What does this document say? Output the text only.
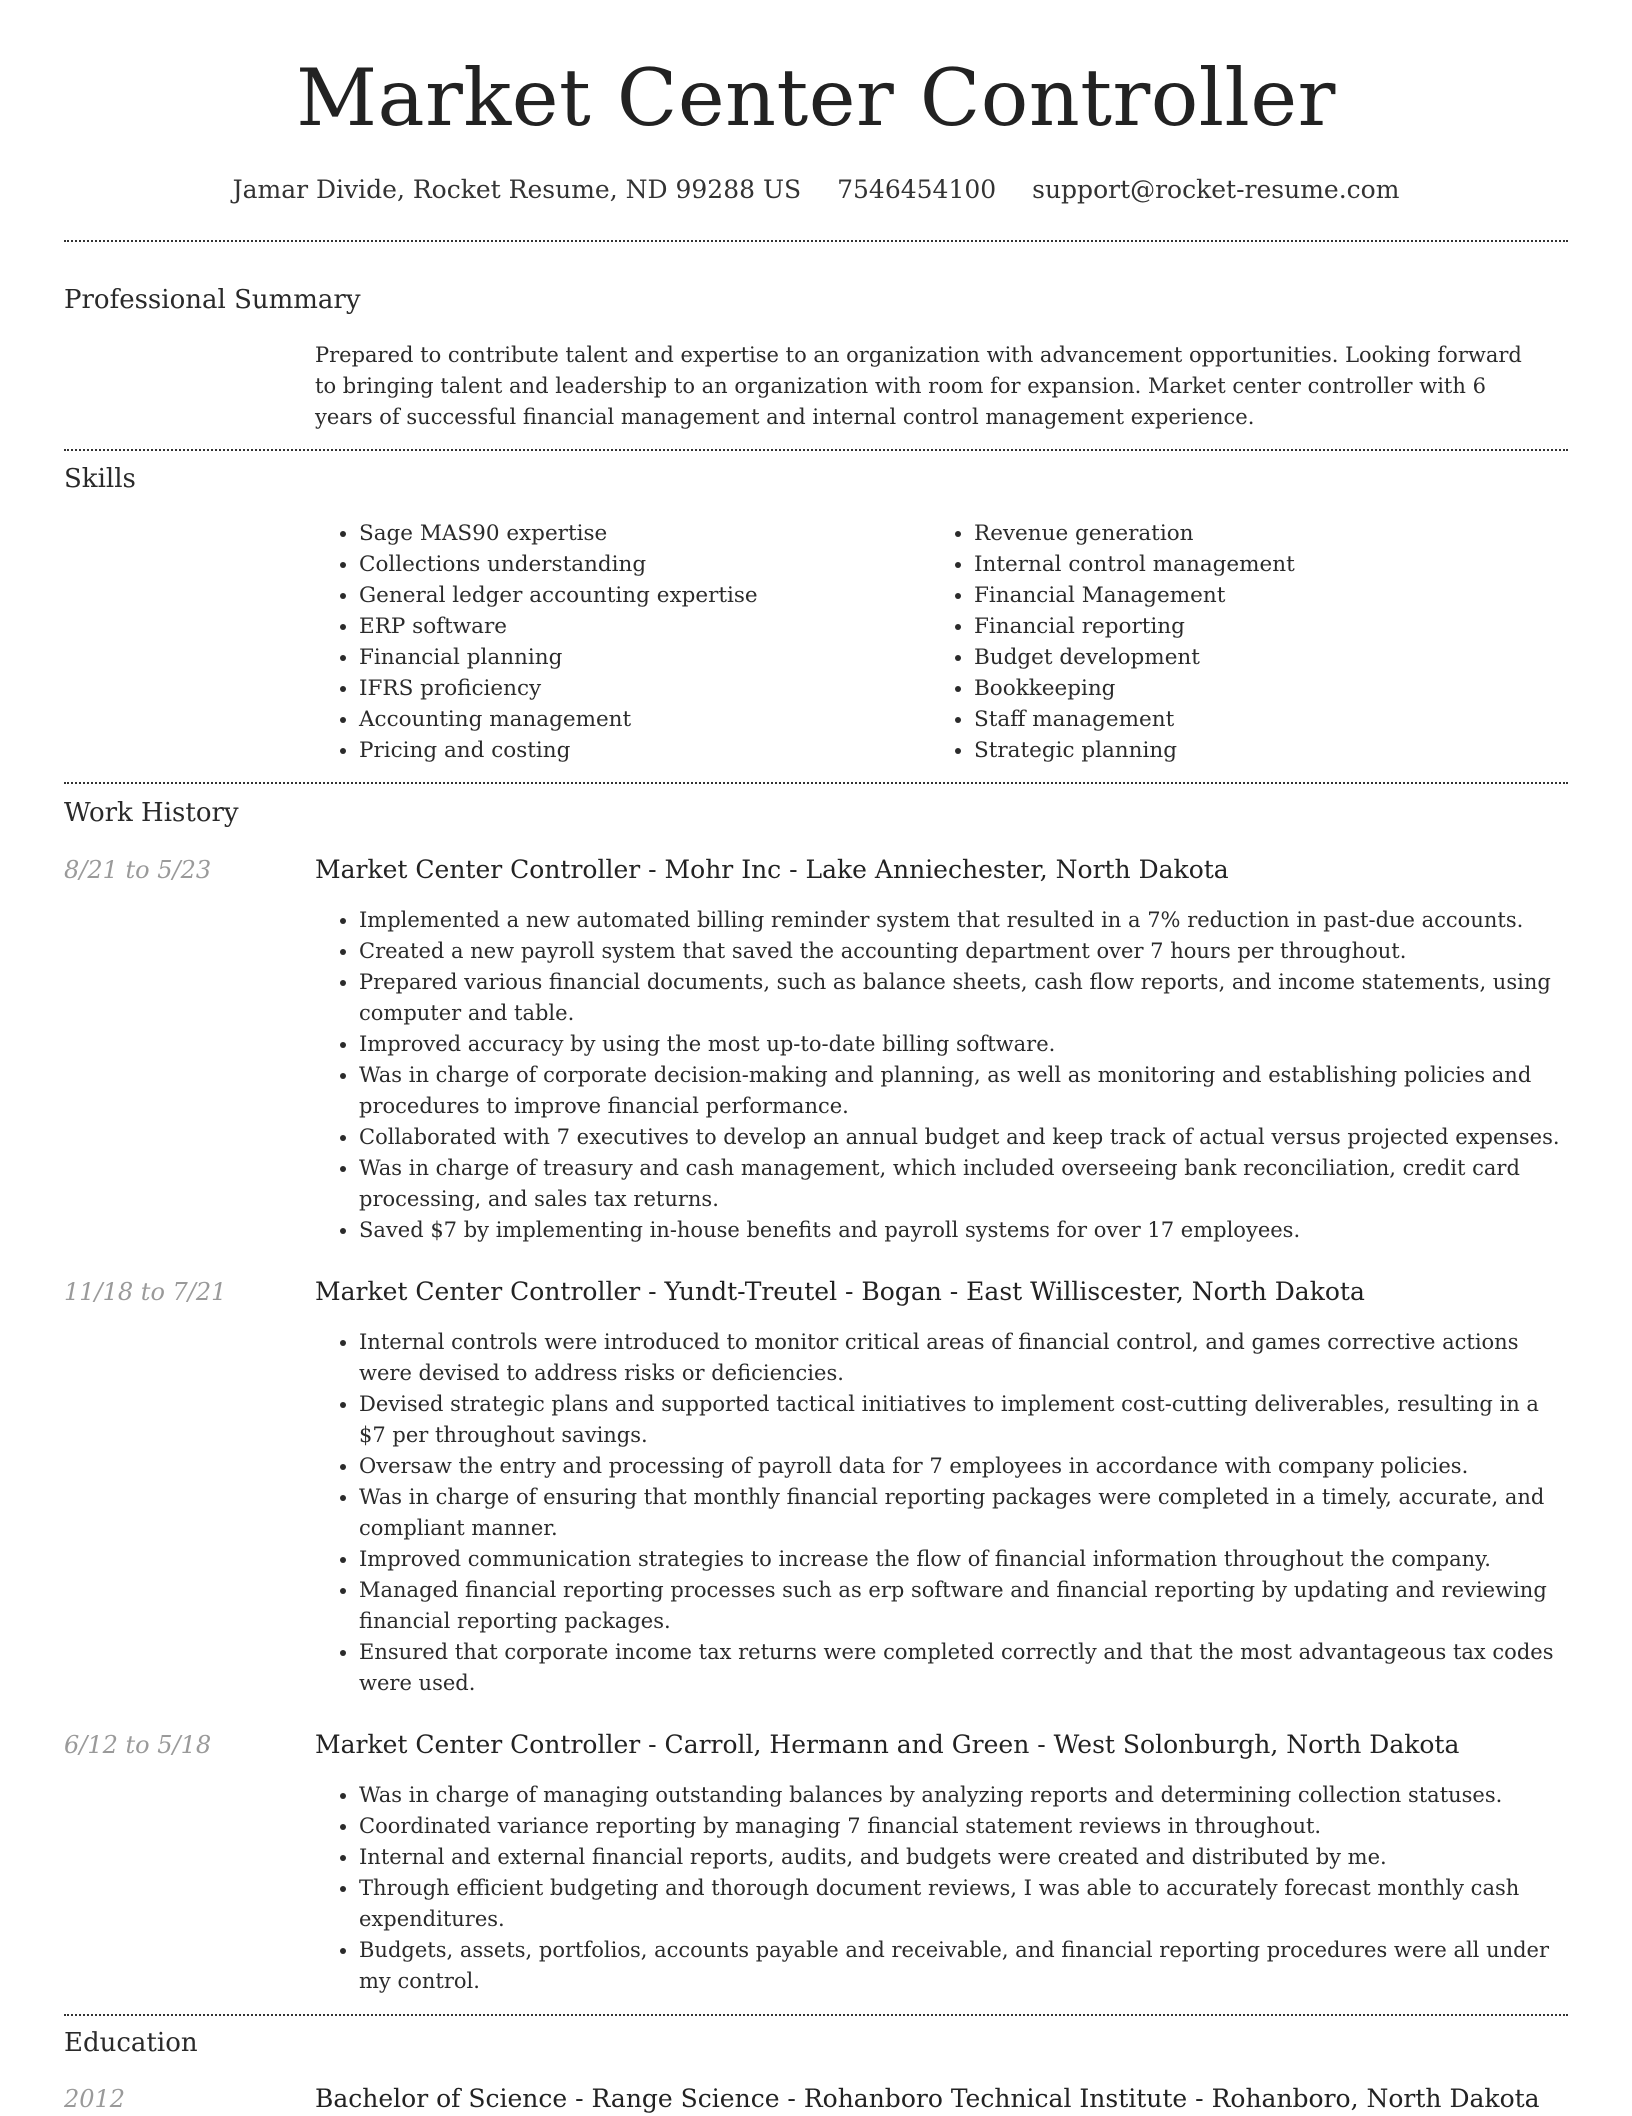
Market Center Controller
Jamar Divide, Rocket Resume, ND 99288 US 7546454100 support@rocket-resume.com
Professional Summary
Prepared to contribute talent and expertise to an organization with advancement opportunities. Looking forward to bringing talent and leadership to an organization with room for expansion. Market center controller with 6 years of successful financial management and internal control management experience.
Skills
• Sage MAS90 expertise
• Collections understanding
• General ledger accounting expertise
• ERP software
• Financial planning
• IFRS proficiency
• Accounting management
• Pricing and costing
• Revenue generation
• Internal control management
• Financial Management
• Financial reporting
• Budget development
• Bookkeeping
• Staff management
• Strategic planning
Work History
8/21 to 5/23	Market Center Controller - Mohr Inc - Lake Anniechester, North Dakota
• Implemented a new automated billing reminder system that resulted in a 7% reduction in past-due accounts.
• Created a new payroll system that saved the accounting department over 7 hours per throughout.
• Prepared various financial documents, such as balance sheets, cash flow reports, and income statements, using computer and table.
• Improved accuracy by using the most up-to-date billing software.
• Was in charge of corporate decision-making and planning, as well as monitoring and establishing policies and procedures to improve financial performance.
• Collaborated with 7 executives to develop an annual budget and keep track of actual versus projected expenses.
• Was in charge of treasury and cash management, which included overseeing bank reconciliation, credit card processing, and sales tax returns.
• Saved $7 by implementing in-house benefits and payroll systems for over 17 employees.
11/18 to 7/21	Market Center Controller - Yundt-Treutel - Bogan - East Williscester, North Dakota
• Internal controls were introduced to monitor critical areas of financial control, and games corrective actions were devised to address risks or deficiencies.
• Devised strategic plans and supported tactical initiatives to implement cost-cutting deliverables, resulting in a $7 per throughout savings.
• Oversaw the entry and processing of payroll data for 7 employees in accordance with company policies.
• Was in charge of ensuring that monthly financial reporting packages were completed in a timely, accurate, and compliant manner.
• Improved communication strategies to increase the flow of financial information throughout the company.
• Managed financial reporting processes such as erp software and financial reporting by updating and reviewing financial reporting packages.
• Ensured that corporate income tax returns were completed correctly and that the most advantageous tax codes were used.
6/12 to 5/18	Market Center Controller - Carroll, Hermann and Green - West Solonburgh, North Dakota
• Was in charge of managing outstanding balances by analyzing reports and determining collection statuses.
• Coordinated variance reporting by managing 7 financial statement reviews in throughout.
• Internal and external financial reports, audits, and budgets were created and distributed by me.
• Through efficient budgeting and thorough document reviews, I was able to accurately forecast monthly cash expenditures.
• Budgets, assets, portfolios, accounts payable and receivable, and financial reporting procedures were all under my control.
Education
2012	Bachelor of Science - Range Science - Rohanboro Technical Institute - Rohanboro, North Dakota
